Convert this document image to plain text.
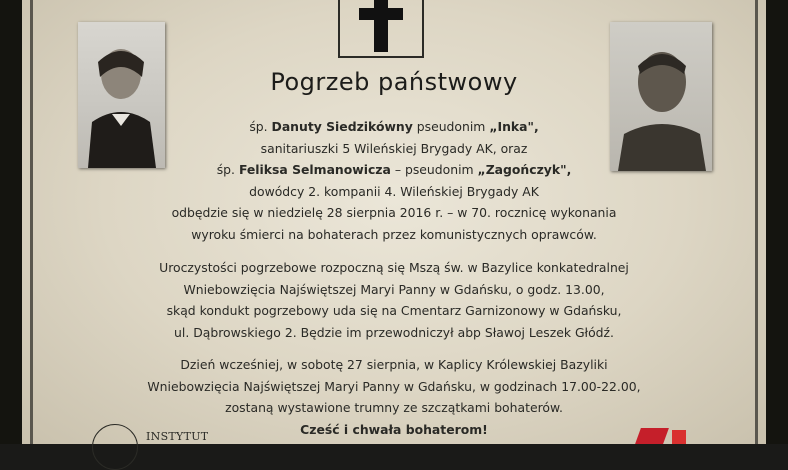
Pogrzeb państwowy
śp. Danuty Siedzikówny pseudonim „Inka",
sanitariuszki 5 Wileńskiej Brygady AK, oraz
śp. Feliksa Selmanowicza – pseudonim „Zagończyk",
dowódcy 2. kompanii 4. Wileńskiej Brygady AK
odbędzie się w niedzielę 28 sierpnia 2016 r. – w 70. rocznicę wykonania
wyroku śmierci na bohaterach przez komunistycznych oprawców.
Uroczystości pogrzebowe rozpoczną się Mszą św. w Bazylice konkatedralnej
Wniebowzięcia Najświętszej Maryi Panny w Gdańsku, o godz. 13.00,
skąd kondukt pogrzebowy uda się na Cmentarz Garnizonowy w Gdańsku,
ul. Dąbrowskiego 2. Będzie im przewodniczył abp Sławoj Leszek Głódź.
Dzień wcześniej, w sobotę 27 sierpnia, w Kaplicy Królewskiej Bazyliki
Wniebowzięcia Najświętszej Maryi Panny w Gdańsku, w godzinach 17.00-22.00,
zostaną wystawione trumny ze szczątkami bohaterów.
Cześć i chwała bohaterom!
INSTYTUT
